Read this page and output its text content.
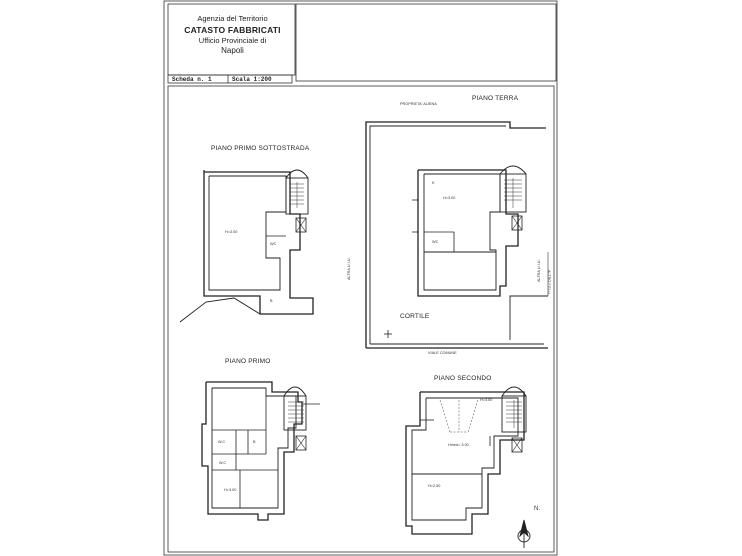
Agenzia del Territorio
CATASTO FABBRICATI
Ufficio Provinciale di
Napoli
Scheda n. 1	Scala 1:200
PIANO PRIMO SOTTOSTRADA
H=3.00
WC
B
PIANO TERRA
PROPRIETA' ALIENA
K
H=3.00
WC
CORTILE
VIALE COMUNE
ALTRA U.I.U.	ALTRA U.I.U. ALTRO F.ELLI
PIANO PRIMO
W.C
W.C
B
H=3.00
PIANO SECONDO
H=3.50
Hmed= 3.00
H=2.50
N.
